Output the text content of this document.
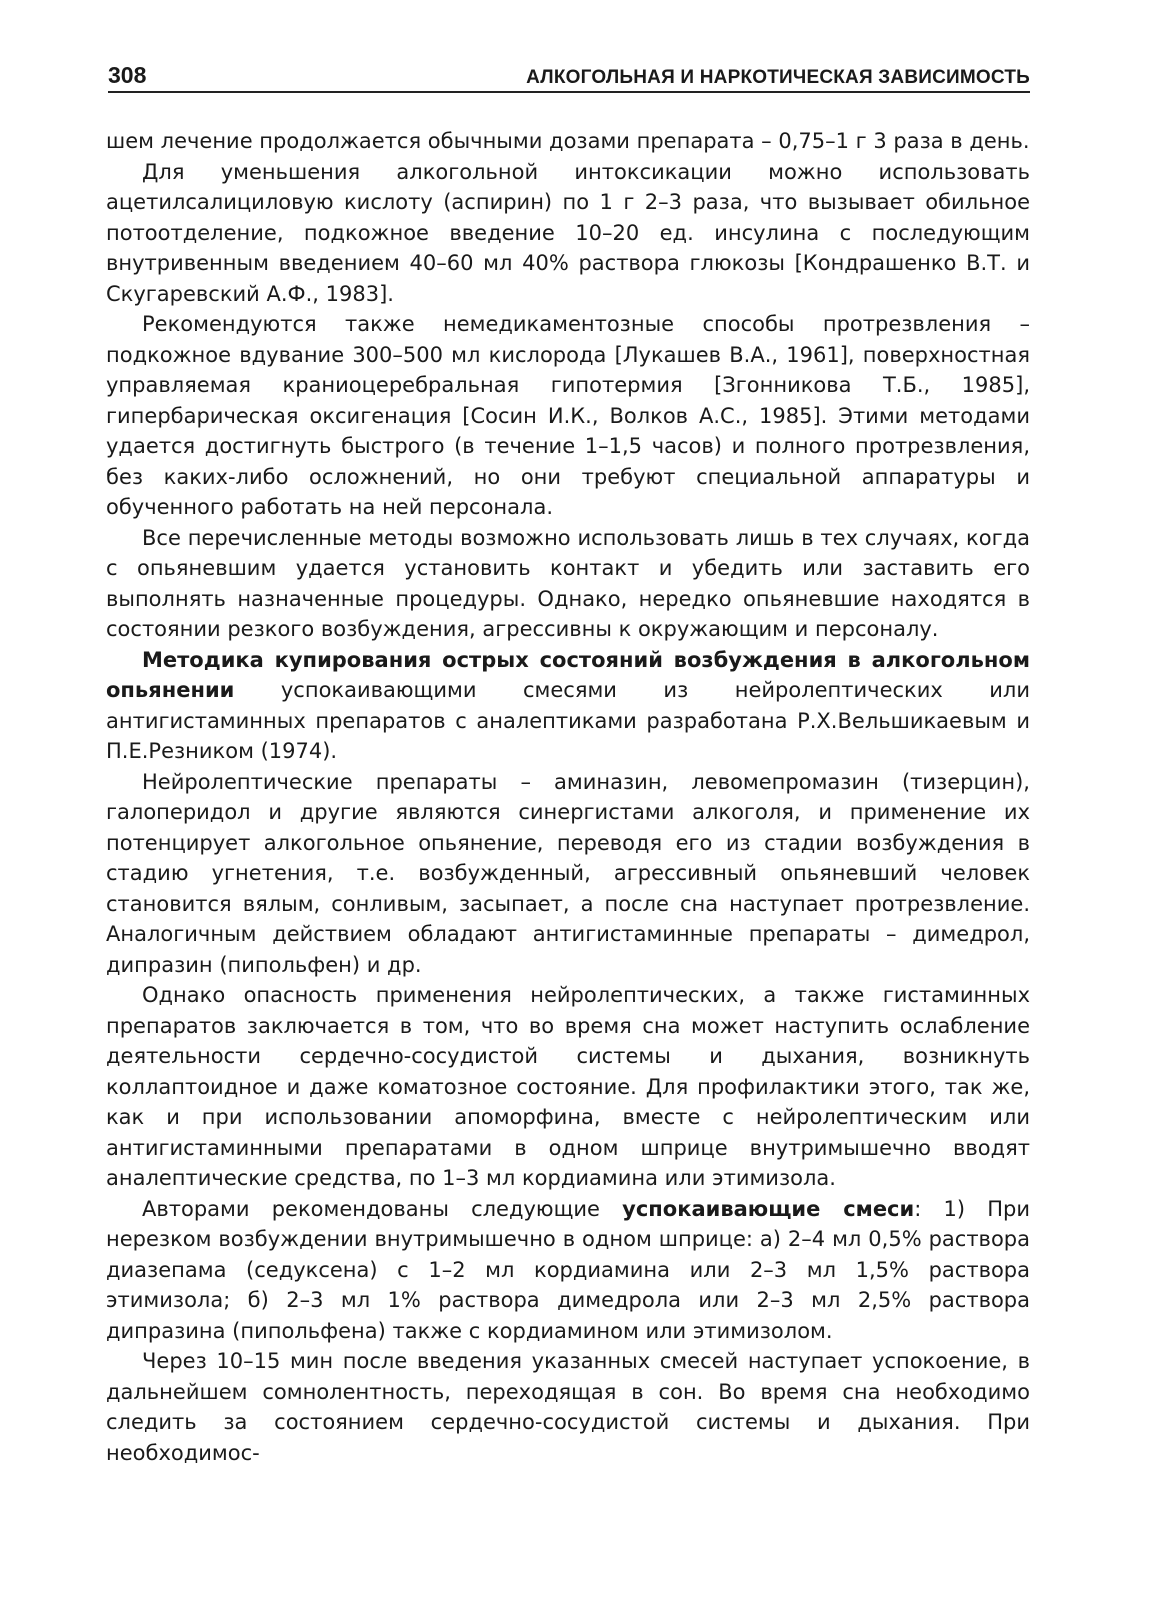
308	АЛКОГОЛЬНАЯ И НАРКОТИЧЕСКАЯ ЗАВИСИМОСТЬ

шем лечение продолжается обычными дозами препарата – 0,75–1 г 3 раза в день.

Для уменьшения алкогольной интоксикации можно использовать ацетилсалициловую кислоту (аспирин) по 1 г 2–3 раза, что вызывает обильное потоотделение, подкожное введение 10–20 ед. инсулина с последующим внутривенным введением 40–60 мл 40% раствора глюкозы [Кондрашенко В.Т. и Скугаревский А.Ф., 1983].

Рекомендуются также немедикаментозные способы протрезвления – подкожное вдувание 300–500 мл кислорода [Лукашев В.А., 1961], поверхностная управляемая краниоцеребральная гипотермия [Згонникова Т.Б., 1985], гипербарическая оксигенация [Сосин И.К., Волков А.С., 1985]. Этими методами удается достигнуть быстрого (в течение 1–1,5 часов) и полного протрезвления, без каких-либо осложнений, но они требуют специальной аппаратуры и обученного работать на ней персонала.

Все перечисленные методы возможно использовать лишь в тех случаях, когда с опьяневшим удается установить контакт и убедить или заставить его выполнять назначенные процедуры. Однако, нередко опьяневшие находятся в состоянии резкого возбуждения, агрессивны к окружающим и персоналу.

Методика купирования острых состояний возбуждения в алкогольном опьянении успокаивающими смесями из нейролептических или антигистаминных препаратов с аналептиками разработана Р.Х.Вельшикаевым и П.Е.Резником (1974).

Нейролептические препараты – аминазин, левомепромазин (тизерцин), галоперидол и другие являются синергистами алкоголя, и применение их потенцирует алкогольное опьянение, переводя его из стадии возбуждения в стадию угнетения, т.е. возбужденный, агрессивный опьяневший человек становится вялым, сонливым, засыпает, а после сна наступает протрезвление. Аналогичным действием обладают антигистаминные препараты – димедрол, дипразин (пипольфен) и др.

Однако опасность применения нейролептических, а также гистаминных препаратов заключается в том, что во время сна может наступить ослабление деятельности сердечно-сосудистой системы и дыхания, возникнуть коллаптоидное и даже коматозное состояние. Для профилактики этого, так же, как и при использовании апоморфина, вместе с нейролептическим или антигистаминными препаратами в одном шприце внутримышечно вводят аналептические средства, по 1–3 мл кордиамина или этимизола.

Авторами рекомендованы следующие успокаивающие смеси: 1) При нерезком возбуждении внутримышечно в одном шприце: а) 2–4 мл 0,5% раствора диазепама (седуксена) с 1–2 мл кордиамина или 2–3 мл 1,5% раствора этимизола; б) 2–3 мл 1% раствора димедрола или 2–3 мл 2,5% раствора дипразина (пипольфена) также с кордиамином или этимизолом.

Через 10–15 мин после введения указанных смесей наступает успокоение, в дальнейшем сомнолентность, переходящая в сон. Во время сна необходимо следить за состоянием сердечно-сосудистой системы и дыхания. При необходимос-
